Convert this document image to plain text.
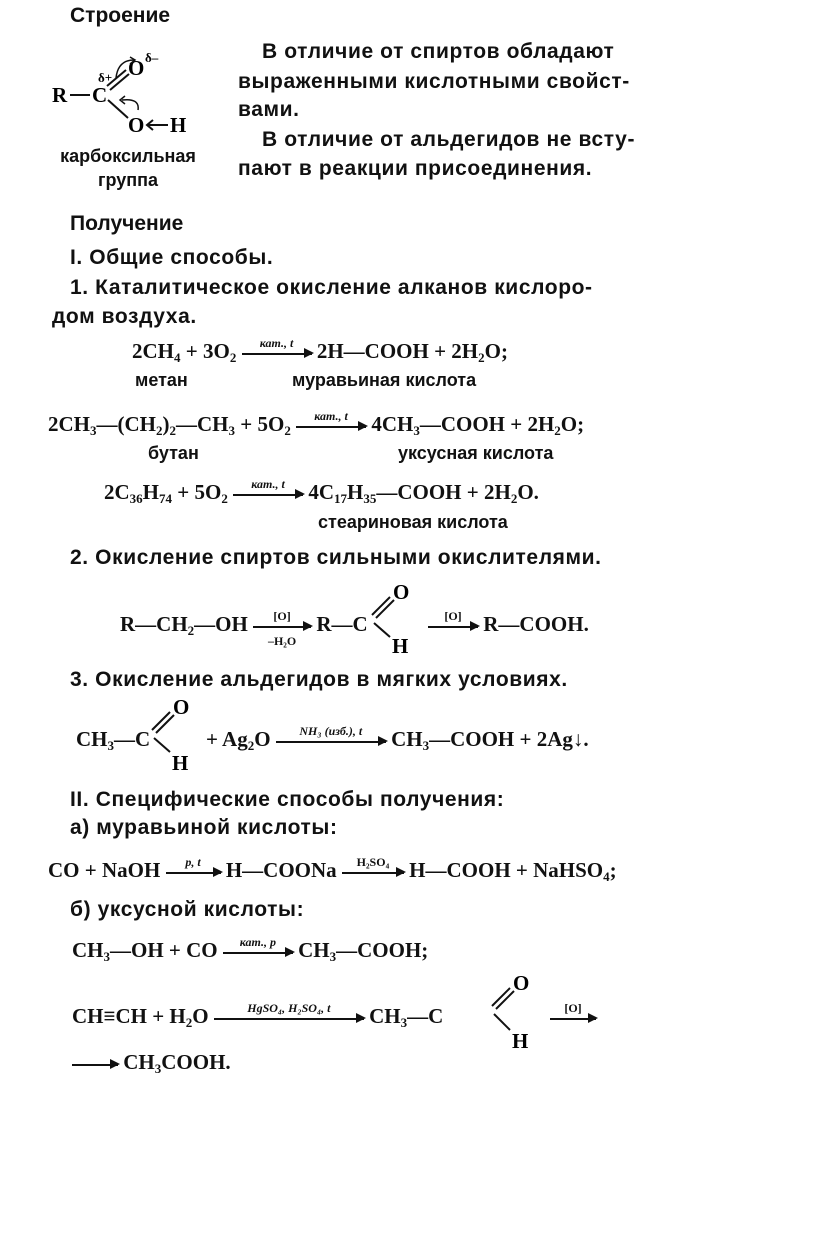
Строение
R C
O δ–
δ+
O H
карбоксильная
группа
В отличие от спиртов обладают
выраженными кислотными свойст-
вами.
В отличие от альдегидов не всту-
пают в реакции присоединения.
Получение
I. Общие способы.
1. Каталитическое окисление алканов кислоро-
дом воздуха.
$2CH_4 + 3O_2$
кат., t 2H—COOH + $2H_2O$;
метан	муравьиная кислота
$2CH_3—(CH_2)_2—CH_3 + 5O_2$
кат., t $4CH_3—COOH + 2H_2O$;
бутан	уксусная кислота
$2C_{36}H_{74} + 5O_2$
кат., t $4C_{17}H_{35}—COOH + 2H_2O$.
стеариновая кислота
2. Окисление спиртов сильными окислителями.
$R—CH_2—OH \frac{[O]}{\text{–H₂O}}$ R—C
O
H
[O] R—COOH.
3. Окисление альдегидов в мягких условиях.
$CH_3—C$
O
H
+ $Ag_2O$	NH₃ (изб.), t	$CH_3—COOH$ + 2Ag↓.
II. Специфические способы получения:
а) муравьиной кислоты:
CO + NaOH	p, t H—COONa	H₂SO₄ H—COOH + NaHSO$_4$;
б) уксусной кислоты:
$CH_3—OH$ + CO	кат., p $CH_3—COOH$;
$CH\equiv CH + H_2O$	HgSO₄, H₂SO₄, t	$CH_3—C$
O
H
[O]
$CH_3COOH$.
